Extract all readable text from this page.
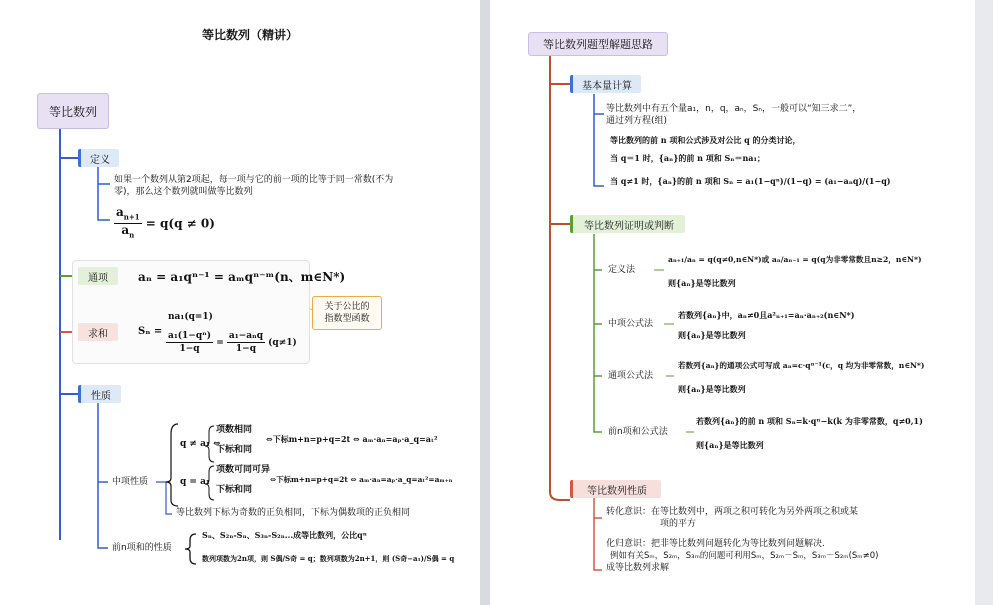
等比数列（精讲）
等比数列
定义
如果一个数列从第2项起，每一项与它的前一项的比等于同一常数(不为
零)，那么这个数列就叫做等比数列
$\frac{a_{n+1}}{a_n} = q(q \ne 0)$
通项	aₙ = a₁qⁿ⁻¹ = aₘqⁿ⁻ᵐ(n、m∈N*)
求和	Sₙ =
na₁(q=1)
$\frac{\text{a₁(1−qⁿ)}}{1-q} = \frac{\text{a₁−aₙq}}{1-q} (q\ne 1)$
关于公比的
指数型函数
性质
中项性质
q ≠ a₁ ⇔
项数相同
下标和同
⇔下标m+n=p+q=2t ⇔ aₘ·aₙ=aₚ·a_q=aₜ²
q = a₁
项数可同可异
下标和同
⇔下标m+n=p+q=2t ⇔ aₘ·aₙ=aₚ·a_q=aₜ²=aₘ₊ₙ
等比数列下标为奇数的正负相同，下标为偶数项的正负相同
前n项和的性质
Sₙ、S₂ₙ-Sₙ、S₃ₙ-S₂ₙ...成等比数列，公比qⁿ
数列项数为2n项，则 S偶/S奇 = q；数列项数为2n+1，则 (S奇−a₁)/S偶 = q
等比数列题型解题思路
基本量计算
等比数列中有五个量a₁，n，q，aₙ，Sₙ，一般可以“知三求二”，
通过列方程(组)
等比数列的前 n 项和公式涉及对公比 q 的分类讨论，
当 q＝1 时，{aₙ}的前 n 项和 Sₙ＝na₁；
当 q≠1 时，{aₙ}的前 n 项和 Sₙ = a₁(1−qⁿ)/(1−q) = (a₁−aₙq)/(1−q)
等比数列证明或判断
定义法
aₙ₊₁/aₙ = q(q≠0,n∈N*)或 aₙ/aₙ₋₁ = q(q为非零常数且n≥2，n∈N*)
则{aₙ}是等比数列
中项公式法
若数列{aₙ}中，aₙ≠0且a²ₙ₊₁=aₙ·aₙ₊₂(n∈N*)
则{aₙ}是等比数列
通项公式法
若数列{aₙ}的通项公式可写成 aₙ=c·qⁿ⁻¹(c，q 均为非零常数，n∈N*)
则{aₙ}是等比数列
前n项和公式法
若数列{aₙ}的前 n 项和 Sₙ=k·qⁿ−k(k 为非零常数，q≠0,1)
则{aₙ}是等比数列
等比数列性质
转化意识：在等比数列中，两项之积可转化为另外两项之积或某
项的平方
化归意识：把非等比数列问题转化为等比数列问题解决.
例如有关Sₘ，S₂ₘ，S₃ₘ的问题可利用Sₘ，S₂ₘ－Sₘ，S₃ₘ－S₂ₘ(Sₘ≠0)
成等比数列求解
